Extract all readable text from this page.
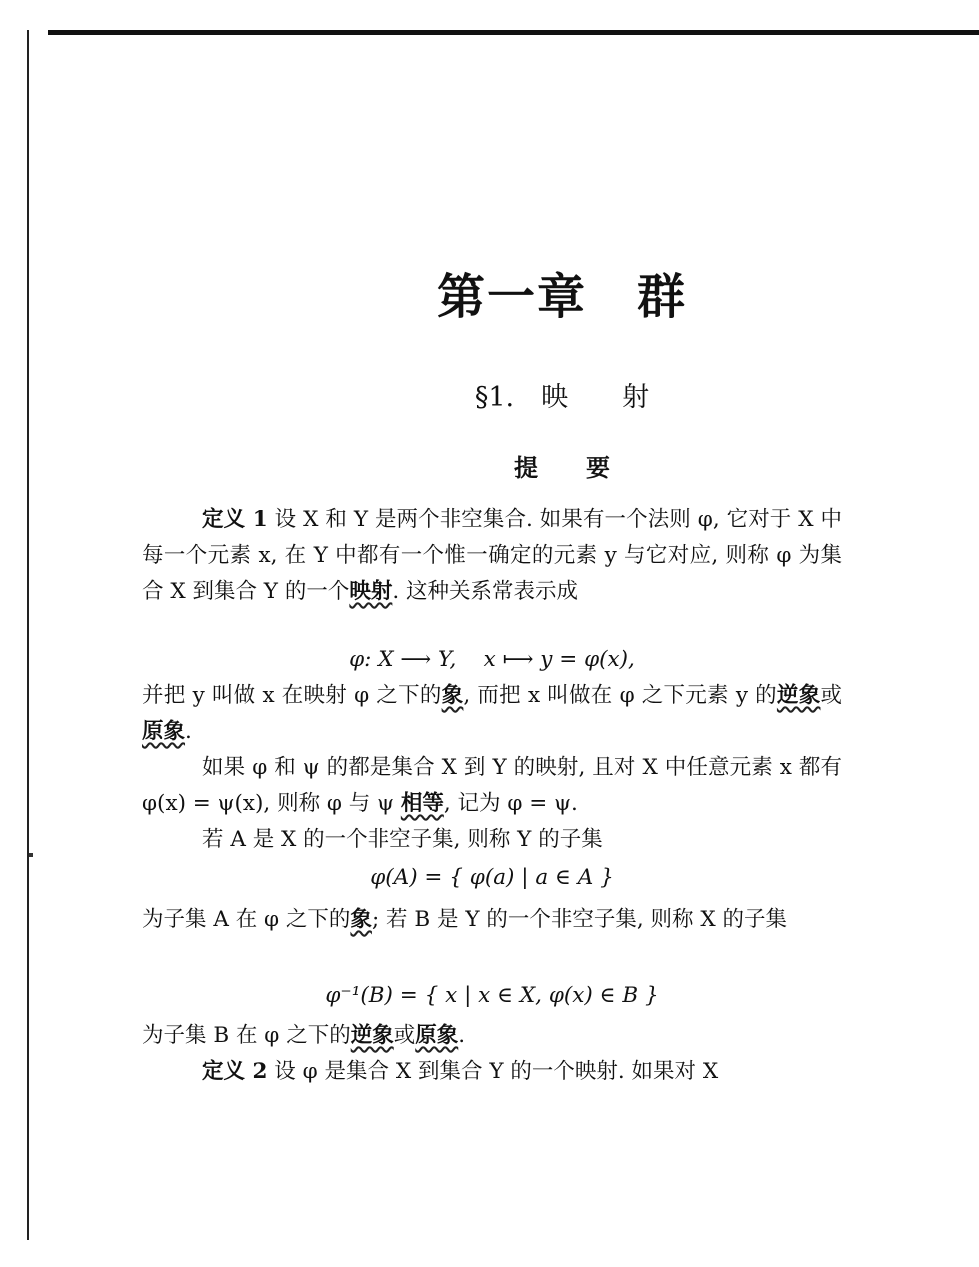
第一章　群
§1.　映　　射
提　　要
定义 1 设 X 和 Y 是两个非空集合. 如果有一个法则 φ, 它对于 X 中每一个元素 x, 在 Y 中都有一个惟一确定的元素 y 与它对应, 则称 φ 为集合 X 到集合 Y 的一个映射. 这种关系常表示成
φ: X ⟶ Y,    x ⟼ y = φ(x),
并把 y 叫做 x 在映射 φ 之下的象, 而把 x 叫做在 φ 之下元素 y 的逆象或原象.
如果 φ 和 ψ 的都是集合 X 到 Y 的映射, 且对 X 中任意元素 x 都有 φ(x) = ψ(x), 则称 φ 与 ψ 相等, 记为 φ = ψ.
若 A 是 X 的一个非空子集, 则称 Y 的子集
φ(A) = { φ(a) | a ∈ A }
为子集 A 在 φ 之下的象; 若 B 是 Y 的一个非空子集, 则称 X 的子集
φ⁻¹(B) = { x | x ∈ X, φ(x) ∈ B }
为子集 B 在 φ 之下的逆象或原象.
定义 2 设 φ 是集合 X 到集合 Y 的一个映射. 如果对 X
